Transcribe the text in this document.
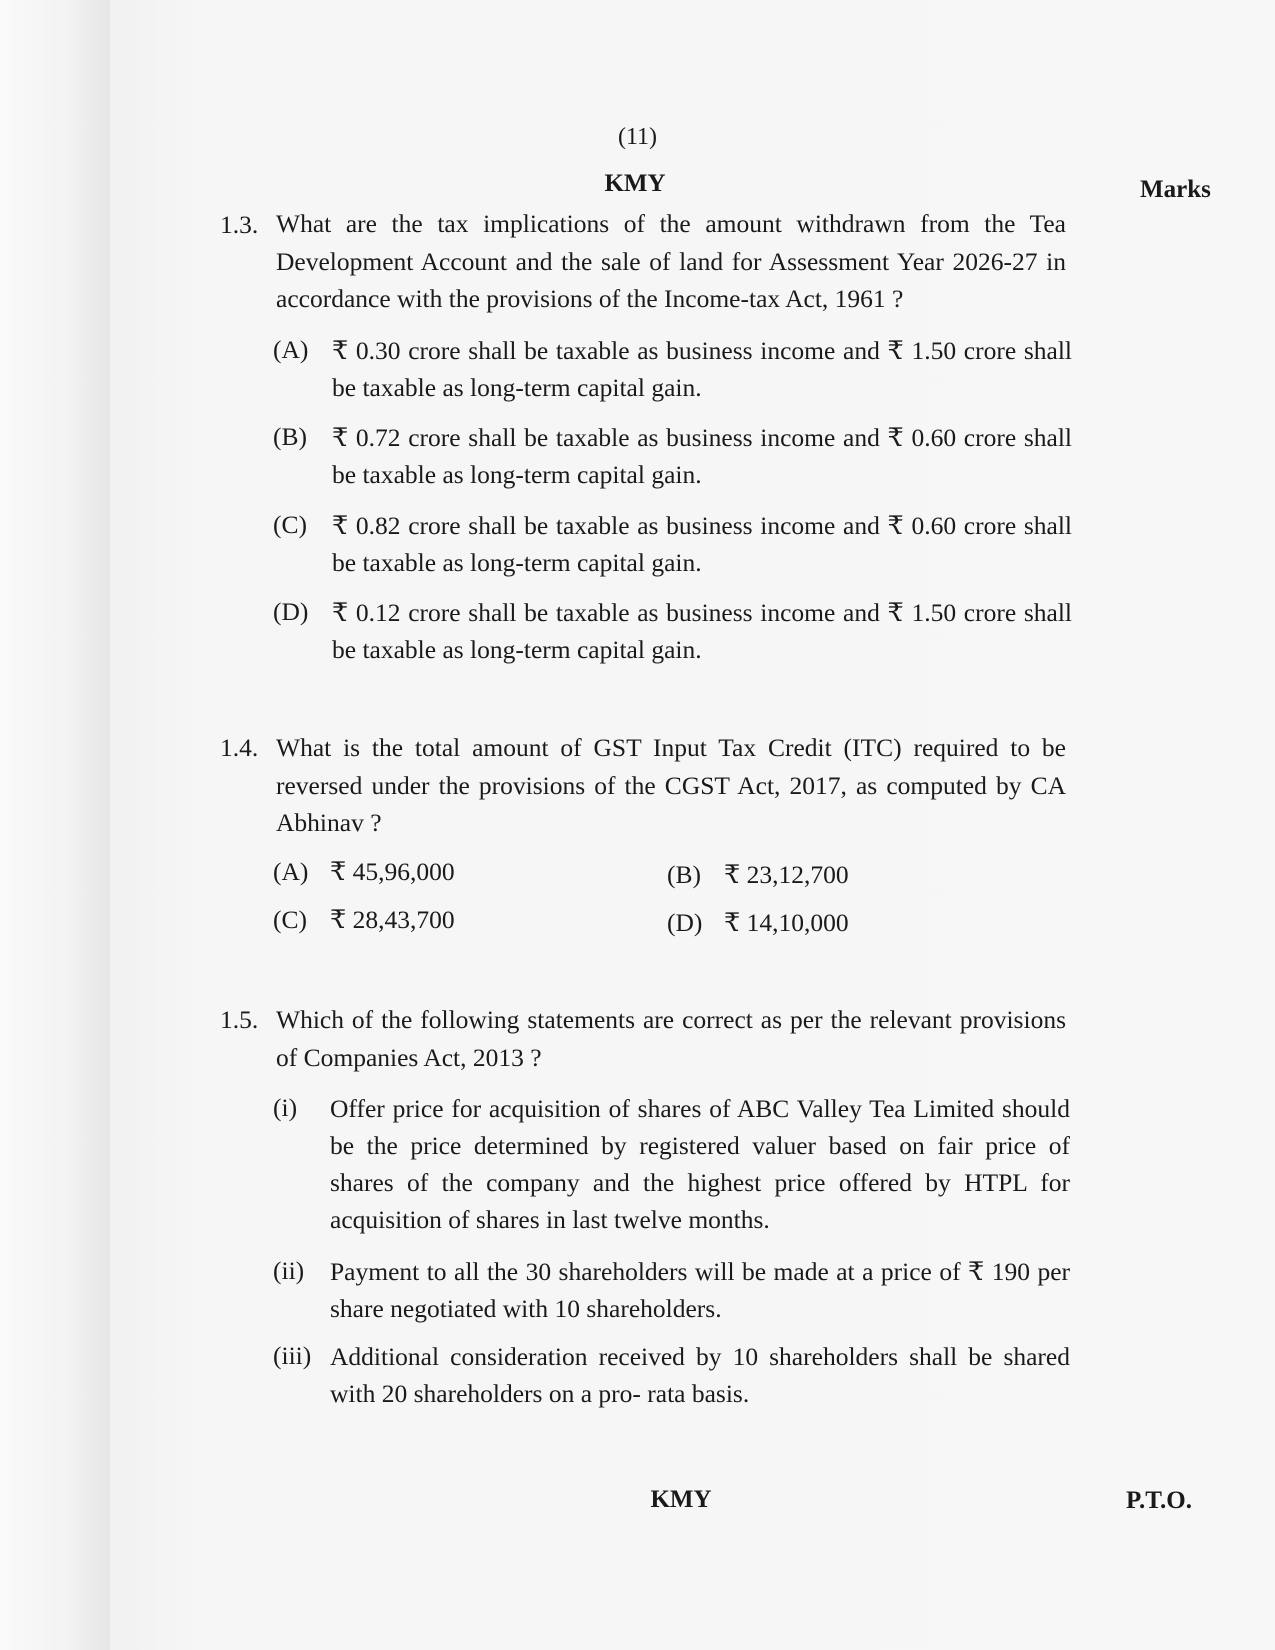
(11)

KMY	Marks

1.3. What are the tax implications of the amount withdrawn from the Tea Development Account and the sale of land for Assessment Year 2026-27 in accordance with the provisions of the Income-tax Act, 1961 ?

(A) ₹ 0.30 crore shall be taxable as business income and ₹ 1.50 crore shall be taxable as long-term capital gain.

(B) ₹ 0.72 crore shall be taxable as business income and ₹ 0.60 crore shall be taxable as long-term capital gain.

(C) ₹ 0.82 crore shall be taxable as business income and ₹ 0.60 crore shall be taxable as long-term capital gain.

(D) ₹ 0.12 crore shall be taxable as business income and ₹ 1.50 crore shall be taxable as long-term capital gain.

1.4. What is the total amount of GST Input Tax Credit (ITC) required to be reversed under the provisions of the CGST Act, 2017, as computed by CA Abhinav ?

(A) ₹ 45,96,000	(B) ₹ 23,12,700

(C) ₹ 28,43,700	(D) ₹ 14,10,000

1.5. Which of the following statements are correct as per the relevant provisions of Companies Act, 2013 ?

(i) Offer price for acquisition of shares of ABC Valley Tea Limited should be the price determined by registered valuer based on fair price of shares of the company and the highest price offered by HTPL for acquisition of shares in last twelve months.

(ii) Payment to all the 30 shareholders will be made at a price of ₹ 190 per share negotiated with 10 shareholders.

(iii) Additional consideration received by 10 shareholders shall be shared with 20 shareholders on a pro- rata basis.

KMY	P.T.O.
